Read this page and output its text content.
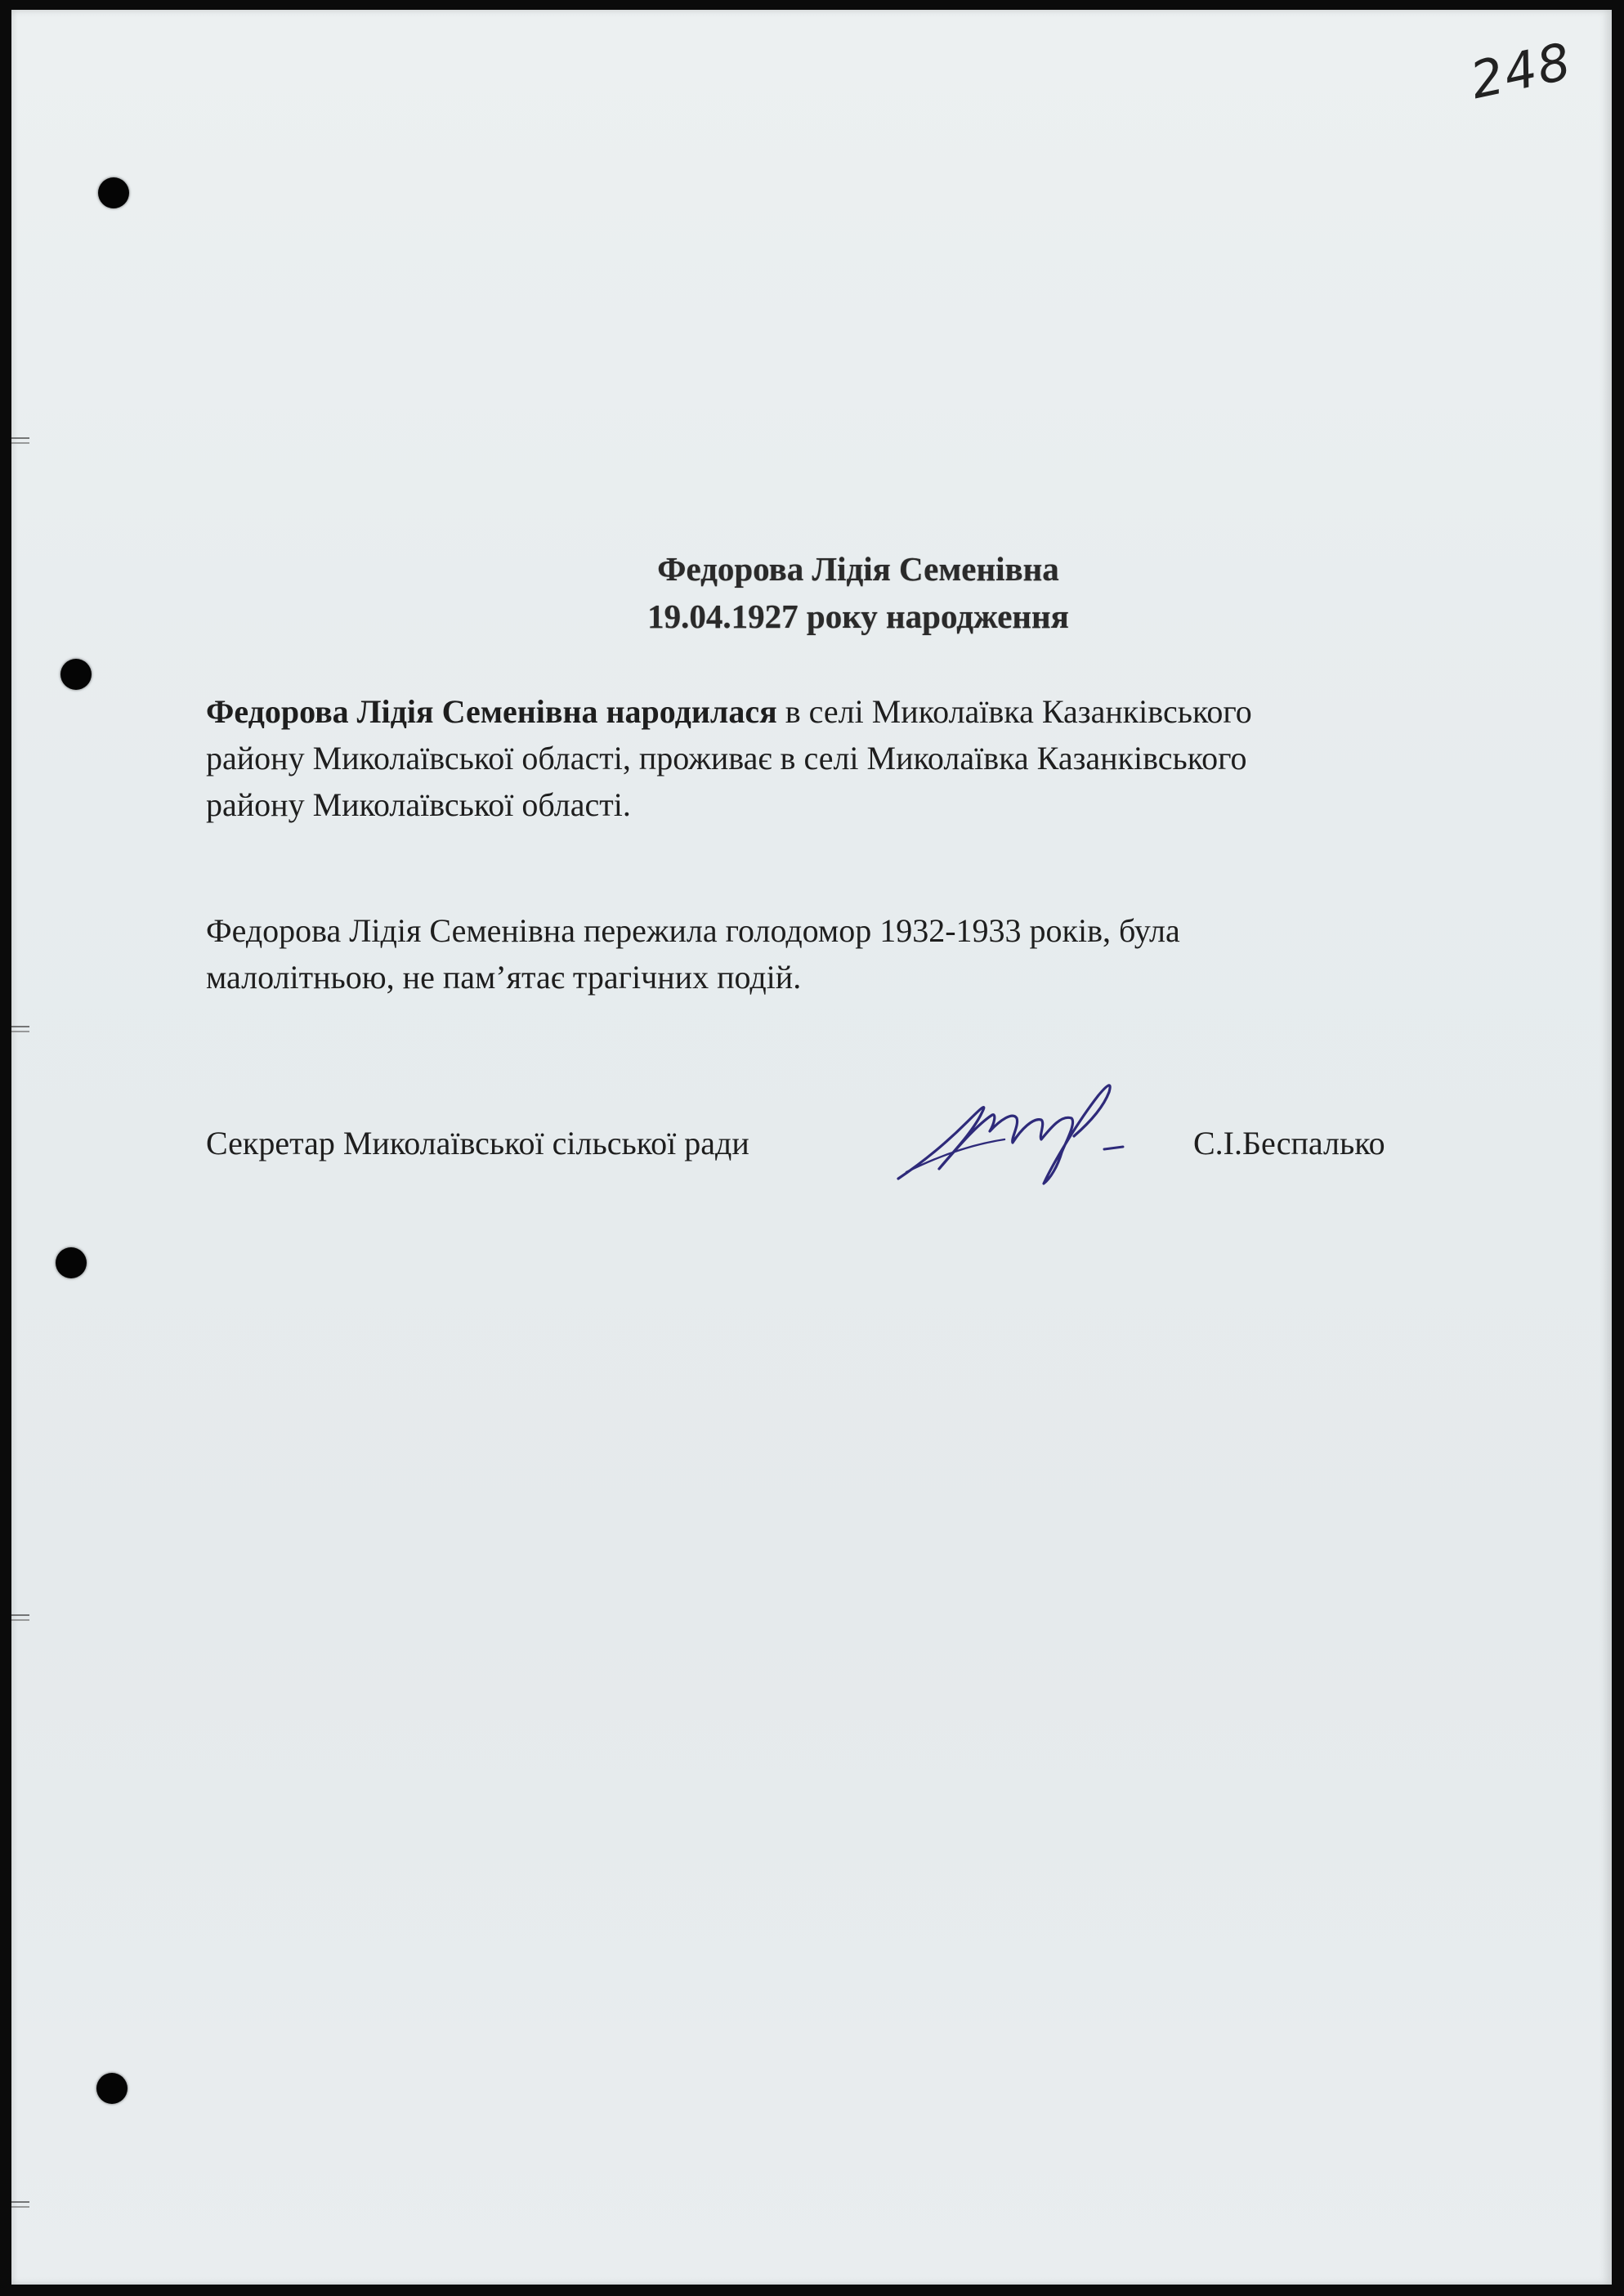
248
Федорова Лідія Семенівна
19.04.1927 року народження
Федорова Лідія Семенівна народилася в селі Миколаївка Казанківського
району Миколаївської області, проживає в селі Миколаївка Казанківського
району Миколаївської області.
Федорова Лідія Семенівна пережила голодомор 1932-1933 років, була
малолітньою, не пам’ятає трагічних подій.
Секретар Миколаївської сільської ради	С.І.Беспалько
